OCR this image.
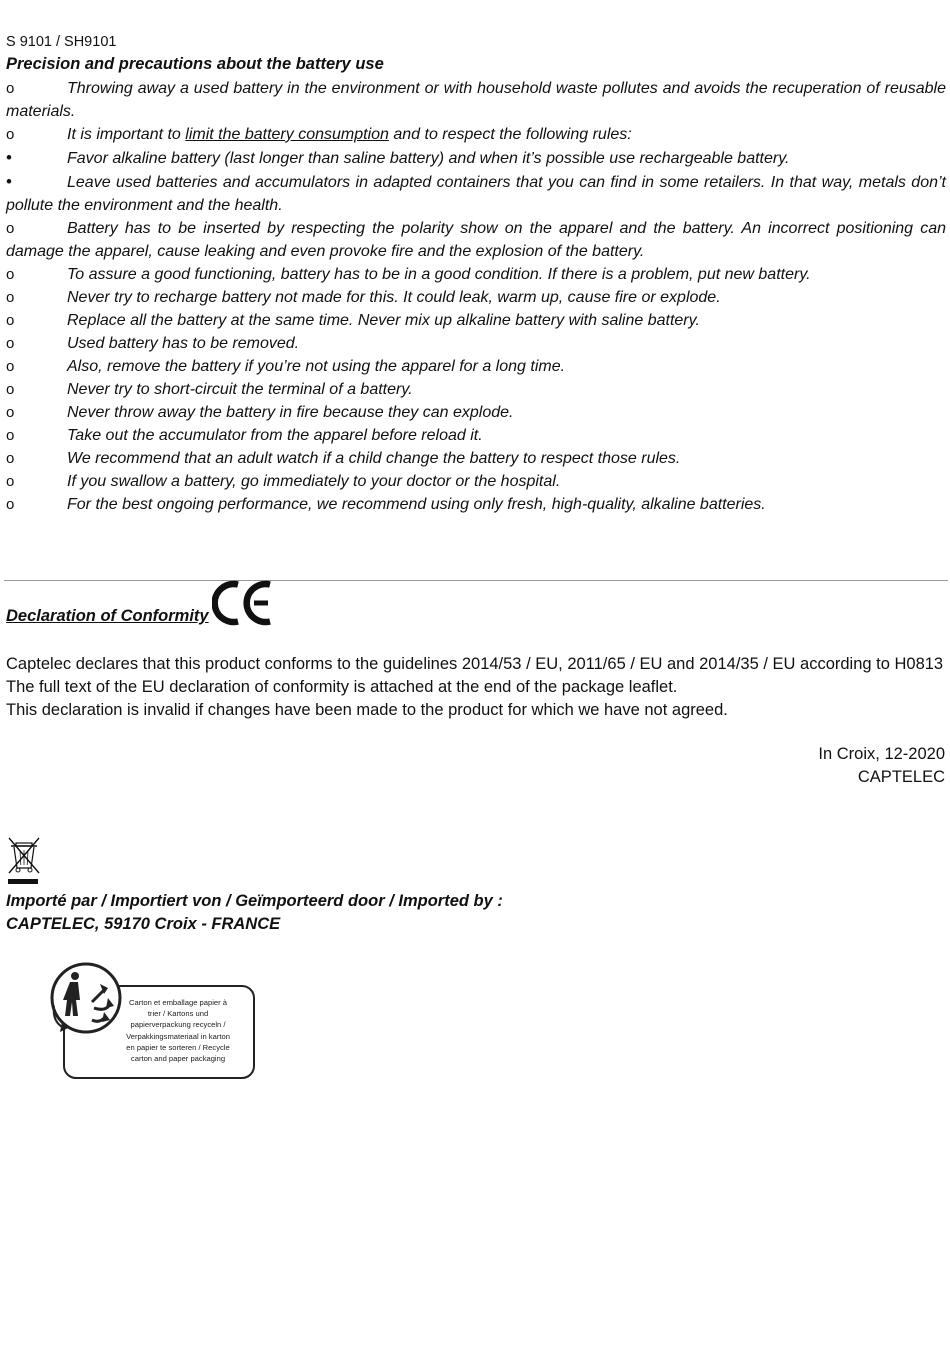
S 9101 / SH9101
Precision and precautions about the battery use
o	Throwing away a used battery in the environment or with household waste pollutes and avoids the recuperation of reusable materials.
o	It is important to limit the battery consumption and to respect the following rules:
•	Favor alkaline battery (last longer than saline battery) and when it’s possible use rechargeable battery.
•	Leave used batteries and accumulators in adapted containers that you can find in some retailers. In that way, metals don’t pollute the environment and the health.
o	Battery has to be inserted by respecting the polarity show on the apparel and the battery. An incorrect positioning can damage the apparel, cause leaking and even provoke fire and the explosion of the battery.
o	To assure a good functioning, battery has to be in a good condition. If there is a problem, put new battery.
o	Never try to recharge battery not made for this. It could leak, warm up, cause fire or explode.
o	Replace all the battery at the same time. Never mix up alkaline battery with saline battery.
o	Used battery has to be removed.
o	Also, remove the battery if you’re not using the apparel for a long time.
o	Never try to short-circuit the terminal of a battery.
o	Never throw away the battery in fire because they can explode.
o	Take out the accumulator from the apparel before reload it.
o	We recommend that an adult watch if a child change the battery to respect those rules.
o	If you swallow a battery, go immediately to your doctor or the hospital.
o	For the best ongoing performance, we recommend using only fresh, high-quality, alkaline batteries.
Declaration of Conformity

Captelec declares that this product conforms to the guidelines 2014/53 / EU, 2011/65 / EU and 2014/35 / EU according to H0813

The full text of the EU declaration of conformity is attached at the end of the package leaflet.

This declaration is invalid if changes have been made to the product for which we have not agreed.

In Croix, 12-2020
CAPTELEC
Importé par / Importiert von / Geïmporteerd door / Imported by :
CAPTELEC, 59170 Croix - FRANCE
Carton et emballage papier à
trier / Kartons und
papierverpackung recyceln /
Verpakkingsmateriaal in karton
en papier te sorteren / Recycle
carton and paper packaging
